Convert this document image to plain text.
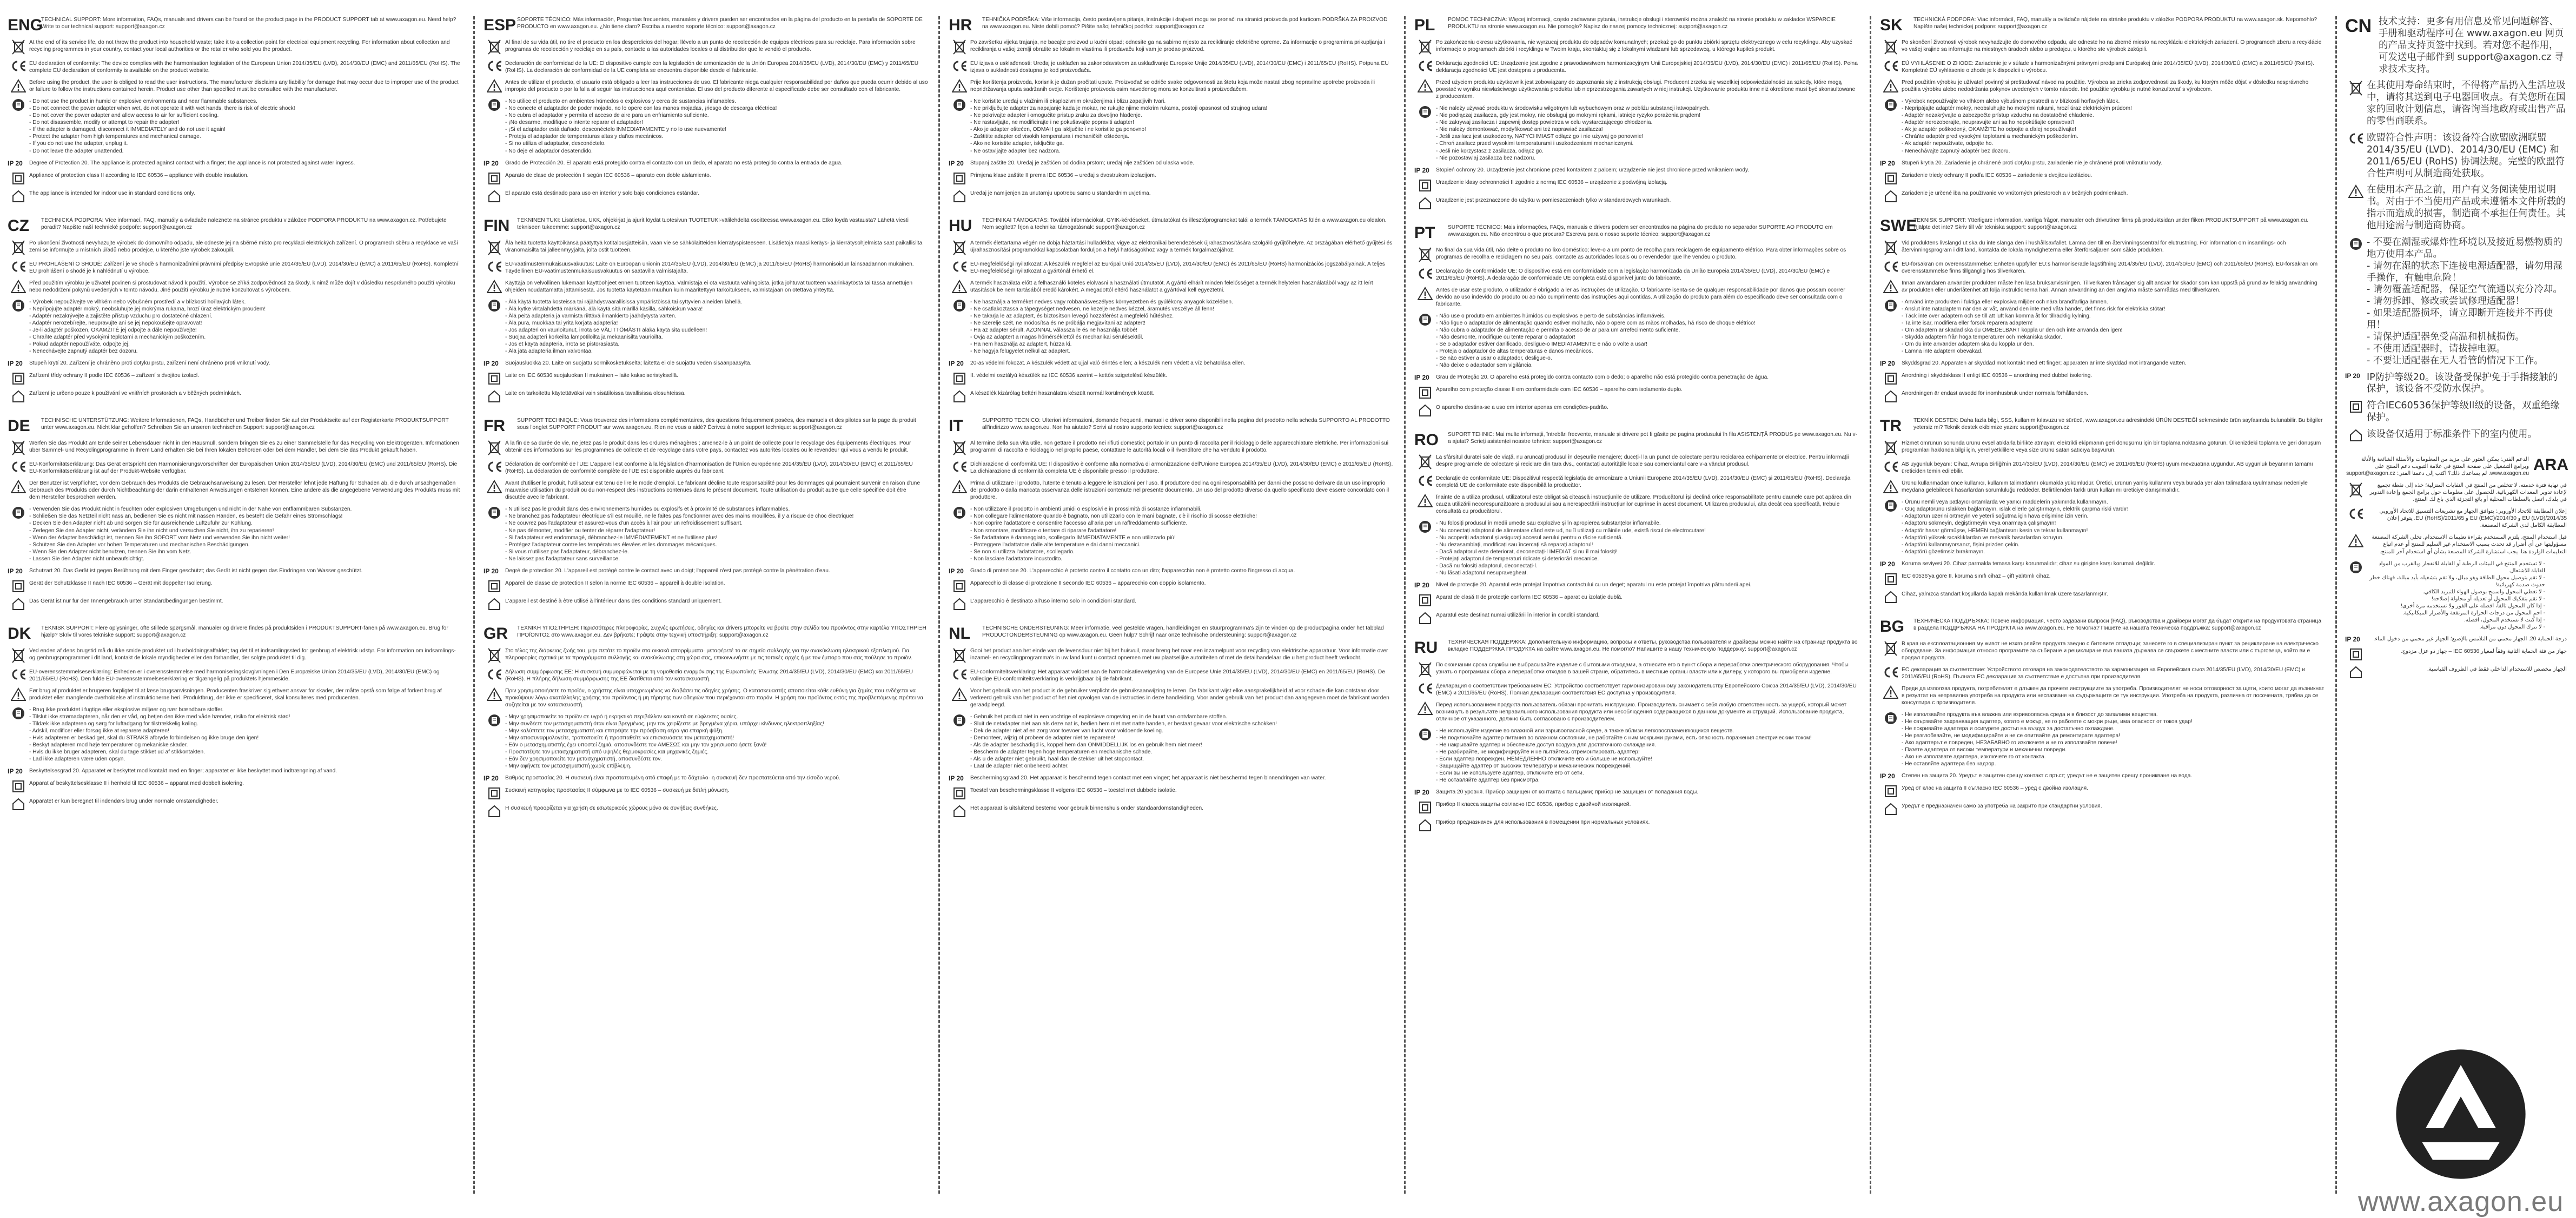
ENG
TECHNICAL SUPPORT: More information, FAQs, manuals and drivers can be found on the product page in the PRODUCT SUPPORT tab at www.axagon.eu. Need help? Write to our technical support: support@axagon.cz
At the end of its service life, do not throw the product into household waste; take it to a collection point for electrical equipment recycling. For information about collection and recycling programmes in your country, contact your local authorities or the retailer who sold you the product.
EU declaration of conformity: The device complies with the harmonisation legislation of the European Union 2014/35/EU (LVD), 2014/30/EU (EMC) and 2011/65/EU (RoHS). The complete EU declaration of conformity is available on the product website.
Before using the product, the user is obliged to read the user instructions. The manufacturer disclaims any liability for damage that may occur due to improper use of the product or failure to follow the instructions contained herein. Product use other than specified must be consulted with the manufacturer.
- Do not use the product in humid or explosive environments and near flammable substances.
- Do not connect the power adapter when wet, do not operate it with wet hands, there is risk of electric shock!
- Do not cover the power adapter and allow access to air for sufficient cooling.
- Do not disassemble, modify or attempt to repair the adapter!
- If the adapter is damaged, disconnect it IMMEDIATELY and do not use it again!
- Protect the adapter from high temperatures and mechanical damage.
- If you do not use the adapter, unplug it.
- Do not leave the adapter unattended.
IP 20	Degree of Protection 20. The appliance is protected against contact with a finger; the appliance is not protected against water ingress.
Appliance of protection class II according to IEC 60536 – appliance with double insulation.
The appliance is intended for indoor use in standard conditions only.
CZ	TECHNICKÁ PODPORA: Více informací, FAQ, manuály a ovladače naleznete na stránce produktu v záložce PODPORA PRODUKTU na www.axagon.cz. Potřebujete poradit? Napište naší technické podpoře: support@axagon.cz
Po ukončení životnosti nevyhazujte výrobek do domovního odpadu, ale odneste jej na sběrné místo pro recyklaci elektrických zařízení. O programech sběru a recyklace ve vaší zemi se informujte u místních úřadů nebo prodejce, u kterého jste výrobek zakoupili.
EU PROHLÁŠENÍ O SHODĚ: Zařízení je ve shodě s harmonizačními právními předpisy Evropské unie 2014/35/EU (LVD), 2014/30/EU (EMC) a 2011/65/EU (RoHS). Kompletní EU prohlášení o shodě je k nahlédnutí u výrobce.
Před použitím výrobku je uživatel povinen si prostudovat návod k použití. Výrobce se zříká zodpovědnosti za škody, k nimž může dojít v důsledku nesprávného použití výrobku nebo nedodržení pokynů uvedených v tomto návodu. Jiné použití výrobku je nutné konzultovat s výrobcem.
- Výrobek nepoužívejte ve vlhkém nebo výbušném prostředí a v blízkosti hořlavých látek.
- Nepřipojujte adaptér mokrý, neobsluhujte jej mokrýma rukama, hrozí úraz elektrickým proudem!
- Adaptér nezakrývejte a zajistěte přístup vzduchu pro dostatečné chlazení.
- Adaptér nerozebírejte, neupravujte ani se jej nepokoušejte opravovat!
- Je-li adaptér poškozen, OKAMŽITĚ jej odpojte a dále nepoužívejte!
- Chraňte adaptér před vysokými teplotami a mechanickým poškozením.
- Pokud adaptér nepoužíváte, odpojte jej.
- Nenechávejte zapnutý adaptér bez dozoru.
IP 20	Stupeň krytí 20. Zařízení je chráněno proti dotyku prstu, zařízení není chráněno proti vniknutí vody.
Zařízení třídy ochrany II podle IEC 60536 – zařízení s dvojitou izolací.
Zařízení je určeno pouze k používání ve vnitřních prostorách a v běžných podmínkách.
DE	TECHNISCHE UNTERSTÜTZUNG: Weitere Informationen, FAQs, Handbücher und Treiber finden Sie auf der Produktseite auf der Registerkarte PRODUKTSUPPORT unter www.axagon.eu. Nicht klar geholfen? Schreiben Sie an unseren technischen Support: support@axagon.cz
Werfen Sie das Produkt am Ende seiner Lebensdauer nicht in den Hausmüll, sondern bringen Sie es zu einer Sammelstelle für das Recycling von Elektrogeräten. Informationen über Sammel- und Recyclingprogramme in Ihrem Land erhalten Sie bei Ihren lokalen Behörden oder bei dem Händler, bei dem Sie das Produkt gekauft haben.
EU-Konformitätserklärung: Das Gerät entspricht den Harmonisierungsvorschriften der Europäischen Union 2014/35/EU (LVD), 2014/30/EU (EMC) und 2011/65/EU (RoHS). Die EU-Konformitätserklärung ist auf der Produkt-Website verfügbar.
Der Benutzer ist verpflichtet, vor dem Gebrauch des Produkts die Gebrauchsanweisung zu lesen. Der Hersteller lehnt jede Haftung für Schäden ab, die durch unsachgemäßen Gebrauch des Produkts oder durch Nichtbeachtung der darin enthaltenen Anweisungen entstehen können. Eine andere als die angegebene Verwendung des Produkts muss mit dem Hersteller besprochen werden.
- Verwenden Sie das Produkt nicht in feuchten oder explosiven Umgebungen und nicht in der Nähe von entflammbaren Substanzen.
- Schließen Sie das Netzteil nicht nass an, bedienen Sie es nicht mit nassen Händen, es besteht die Gefahr eines Stromschlags!
- Decken Sie den Adapter nicht ab und sorgen Sie für ausreichende Luftzufuhr zur Kühlung.
- Zerlegen Sie den Adapter nicht, verändern Sie ihn nicht und versuchen Sie nicht, ihn zu reparieren!
- Wenn der Adapter beschädigt ist, trennen Sie ihn SOFORT vom Netz und verwenden Sie ihn nicht weiter!
- Schützen Sie den Adapter vor hohen Temperaturen und mechanischen Beschädigungen.
- Wenn Sie den Adapter nicht benutzen, trennen Sie ihn vom Netz.
- Lassen Sie den Adapter nicht unbeaufsichtigt.
IP 20	Schutzart 20. Das Gerät ist gegen Berührung mit dem Finger geschützt; das Gerät ist nicht gegen das Eindringen von Wasser geschützt.
Gerät der Schutzklasse II nach IEC 60536 – Gerät mit doppelter Isolierung.
Das Gerät ist nur für den Innengebrauch unter Standardbedingungen bestimmt.
DK	TEKNISK SUPPORT: Flere oplysninger, ofte stillede spørgsmål, manualer og drivere findes på produktsiden i PRODUKTSUPPORT-fanen på www.axagon.eu. Brug for hjælp? Skriv til vores tekniske support: support@axagon.cz
Ved enden af dens brugstid må du ikke smide produktet ud i husholdningsaffaldet; tag det til et indsamlingssted for genbrug af elektrisk udstyr. For information om indsamlings- og genbrugsprogrammer i dit land, kontakt de lokale myndigheder eller den forhandler, der solgte produktet til dig.
EU-overensstemmelseserklæring: Enheden er i overensstemmelse med harmoniseringslovgivningen i Den Europæiske Union 2014/35/EU (LVD), 2014/30/EU (EMC) og 2011/65/EU (RoHS). Den fulde EU-overensstemmelseserklæring er tilgængelig på produktets hjemmeside.
Før brug af produktet er brugeren forpligtet til at læse brugsanvisningen. Producenten fraskriver sig ethvert ansvar for skader, der måtte opstå som følge af forkert brug af produktet eller manglende overholdelse af instruktionerne heri. Produktbrug, der ikke er specificeret, skal konsulteres med producenten.
- Brug ikke produktet i fugtige eller eksplosive miljøer og nær brændbare stoffer.
- Tilslut ikke strømadapteren, når den er våd, og betjen den ikke med våde hænder, risiko for elektrisk stød!
- Tildæk ikke adapteren og sørg for luftadgang for tilstrækkelig køling.
- Adskil, modificer eller forsøg ikke at reparere adapteren!
- Hvis adapteren er beskadiget, skal du STRAKS afbryde forbindelsen og ikke bruge den igen!
- Beskyt adapteren mod høje temperaturer og mekaniske skader.
- Hvis du ikke bruger adapteren, skal du tage stikket ud af stikkontakten.
- Lad ikke adapteren være uden opsyn.
IP 20	Beskyttelsesgrad 20. Apparatet er beskyttet mod kontakt med en finger; apparatet er ikke beskyttet mod indtrængning af vand.
Apparat af beskyttelsesklasse II i henhold til IEC 60536 – apparat med dobbelt isolering.
Apparatet er kun beregnet til indendørs brug under normale omstændigheder.
ESP SOPORTE TÉCNICO: Más información, Preguntas frecuentes, manuales y drivers pueden ser encontrados en la página del producto en la pestaña de SOPORTE DE PRODUCTO en www.axagon.eu. ¿No tiene claro? Escriba a nuestro soporte técnico: support@axagon.cz
Al final de su vida útil, no tire el producto en los desperdicios del hogar; llévelo a un punto de recolección de equipos eléctricos para su reciclaje. Para información sobre programas de recolección y reciclaje en su país, contacte a las autoridades locales o al distribuidor que le vendió el producto.
Declaración de conformidad de la UE: El dispositivo cumple con la legislación de armonización de la Unión Europea 2014/35/EU (LVD), 2014/30/EU (EMC) y 2011/65/EU (RoHS). La declaración de conformidad de la UE completa se encuentra disponible desde el fabricante.
Antes de utilizar el producto, el usuario está obligado a leer las instrucciones de uso. El fabricante niega cualquier responsabilidad por daños que pueda ocurrir debido al uso impropio del producto o por la falla al seguir las instrucciones aquí contenidas. El uso del producto diferente al especificado debe ser consultado con el fabricante.
- No utilice el producto en ambientes húmedos o explosivos y cerca de sustancias inflamables.
- No conecte el adaptador de poder mojado, no lo opere con las manos mojadas, ¡riesgo de descarga eléctrica!
- No cubra el adaptador y permita el acceso de aire para un enfriamiento suficiente.
- ¡No desarme, modifique o intente reparar el adaptador!
- ¡Si el adaptador está dañado, desconéctelo INMEDIATAMENTE y no lo use nuevamente!
- Proteja el adaptador de temperaturas altas y daños mecánicos.
- Si no utiliza el adaptador, desconéctelo.
- No deje el adaptador desatendido.
IP 20	Grado de Protección 20. El aparato está protegido contra el contacto con un dedo, el aparato no está protegido contra la entrada de agua.
Aparato de clase de protección II según IEC 60536 – aparato con doble aislamiento.
El aparato está destinado para uso en interior y solo bajo condiciones estándar.
FIN	TEKNINEN TUKI: Lisätietoa, UKK, ohjekirjat ja ajurit löydät tuotesivun TUOTETUKI-välilehdeltä osoitteessa www.axagon.eu. Etkö löydä vastausta? Lähetä viesti tekniseen tukeemme: support@axagon.cz
Älä heitä tuotetta käyttöikänsä päätyttyä kotitalousjätteisiin, vaan vie se sähkölaitteiden kierrätyspisteeseen. Lisätietoja maasi keräys- ja kierrätysohjelmista saat paikallisilta viranomaisilta tai jälleenmyyjältä, jolta ostit tuotteen.
EU-vaatimustenmukaisuusvakuutus: Laite on Euroopan unionin 2014/35/EU (LVD), 2014/30/EU (EMC) ja 2011/65/EU (RoHS) harmonisoidun lainsäädännön mukainen. Täydellinen EU-vaatimustenmukaisuusvakuutus on saatavilla valmistajalta.
Käyttäjä on velvollinen lukemaan käyttöohjeet ennen tuotteen käyttöä. Valmistaja ei ota vastuuta vahingoista, jotka johtuvat tuotteen väärinkäytöstä tai tässä annettujen ohjeiden noudattamatta jättämisestä. Jos tuotetta käytetään muuhun kuin määritettyyn tarkoitukseen, valmistajaan on otettava yhteyttä.
- Älä käytä tuotetta kosteissa tai räjähdysvaarallisissa ympäristöissä tai syttyvien aineiden lähellä.
- Älä kytke virtalähdettä märkänä, älä käytä sitä märillä käsillä, sähköiskun vaara!
- Älä peitä adapteria ja varmista riittävä ilmankierto jäähdytystä varten.
- Älä pura, muokkaa tai yritä korjata adapteria!
- Jos adapteri on vaurioitunut, irrota se VÄLITTÖMÄSTI äläkä käytä sitä uudelleen!
- Suojaa adapteri korkeilta lämpötiloilta ja mekaanisilta vaurioilta.
- Jos et käytä adapteria, irrota se pistorasiasta.
- Älä jätä adapteria ilman valvontaa.
IP 20	Suojausluokka 20. Laite on suojattu sormikosketukselta; laitetta ei ole suojattu veden sisäänpääsyltä.
Laite on IEC 60536 suojaluokan II mukainen – laite kaksoiseristyksellä.
Laite on tarkoitettu käytettäväksi vain sisätiloissa tavallisissa olosuhteissa.
FR	SUPPORT TECHNIQUE: Vous trouverez des informations complémentaires, des questions fréquemment posées, des manuels et des pilotes sur la page du produit sous l'onglet SUPPORT PRODUIT sur www.axagon.eu. Rien ne vous a aidé? Écrivez à notre support technique: support@axagon.cz
À la fin de sa durée de vie, ne jetez pas le produit dans les ordures ménagères ; amenez-le à un point de collecte pour le recyclage des équipements électriques. Pour obtenir des informations sur les programmes de collecte et de recyclage dans votre pays, contactez vos autorités locales ou le revendeur qui vous a vendu le produit.
Déclaration de conformité de l'UE: L'appareil est conforme à la législation d'harmonisation de l'Union européenne 2014/35/EU (LVD), 2014/30/EU (EMC) et 2011/65/EU (RoHS). La déclaration de conformité complète de l'UE est disponible auprès du fabricant.
Avant d'utiliser le produit, l'utilisateur est tenu de lire le mode d'emploi. Le fabricant décline toute responsabilité pour les dommages qui pourraient survenir en raison d'une mauvaise utilisation du produit ou du non-respect des instructions contenues dans le présent document. Toute utilisation du produit autre que celle spécifiée doit être discutée avec le fabricant.
- N'utilisez pas le produit dans des environnements humides ou explosifs et à proximité de substances inflammables.
- Ne branchez pas l'adaptateur électrique s'il est mouillé, ne le faites pas fonctionner avec des mains mouillées, il y a risque de choc électrique!
- Ne couvrez pas l'adaptateur et assurez-vous d'un accès à l'air pour un refroidissement suffisant.
- Ne pas démonter, modifier ou tenter de réparer l'adaptateur!
- Si l'adaptateur est endommagé, débranchez-le IMMÉDIATEMENT et ne l'utilisez plus!
- Protégez l'adaptateur contre les températures élevées et les dommages mécaniques.
- Si vous n'utilisez pas l'adaptateur, débranchez-le.
- Ne laissez pas l'adaptateur sans surveillance.
IP 20	Degré de protection 20. L'appareil est protégé contre le contact avec un doigt; l'appareil n'est pas protégé contre la pénétration d'eau.
Appareil de classe de protection II selon la norme IEC 60536 – appareil à double isolation.
L'appareil est destiné à être utilisé à l'intérieur dans des conditions standard uniquement.
GR	ΤΕΧΝΙΚΗ ΥΠΟΣΤΗΡΙΞΗ: Περισσότερες πληροφορίες, Συχνές ερωτήσεις, οδηγίες και drivers μπορείτε να βρείτε στην σελίδα του προϊόντος στην καρτέλα ΥΠΟΣΤΗΡΙΞΗ ΠΡΟΪΟΝΤΟΣ στο www.axagon.eu. Δεν βρήκατε; Γράψτε στην τεχνική υποστήριξη: support@axagon.cz
Στο τέλος της διάρκειας ζωής του, μην πετάτε το προϊόν στα οικιακά απορρίμματα· μεταφέρετέ το σε σημείο συλλογής για την ανακύκλωση ηλεκτρικού εξοπλισμού. Για πληροφορίες σχετικά με τα προγράμματα συλλογής και ανακύκλωσης στη χώρα σας, επικοινωνήστε με τις τοπικές αρχές ή με τον έμπορο που σας πούλησε το προϊόν.
Δήλωση συμμόρφωσης ΕΕ: Η συσκευή συμμορφώνεται με τη νομοθεσία εναρμόνισης της Ευρωπαϊκής Ένωσης 2014/35/EU (LVD), 2014/30/EU (EMC) και 2011/65/EU (RoHS). Η πλήρης δήλωση συμμόρφωσης της ΕΕ διατίθεται από τον κατασκευαστή.
Πριν χρησιμοποιήσετε το προϊόν, ο χρήστης είναι υποχρεωμένος να διαβάσει τις οδηγίες χρήσης. Ο κατασκευαστής αποποιείται κάθε ευθύνη για ζημίες που ενδέχεται να προκύψουν λόγω ακατάλληλης χρήσης του προϊόντος ή μη τήρησης των οδηγιών που περιέχονται στο παρόν. Η χρήση του προϊόντος εκτός της προβλεπόμενης πρέπει να συζητείται με τον κατασκευαστή.
- Μην χρησιμοποιείτε το προϊόν σε υγρό ή εκρηκτικό περιβάλλον και κοντά σε εύφλεκτες ουσίες.
- Μην συνδέετε τον μετασχηματιστή όταν είναι βρεγμένος, μην τον χειρίζεστε με βρεγμένα χέρια, υπάρχει κίνδυνος ηλεκτροπληξίας!
- Μην καλύπτετε τον μετασχηματιστή και επιτρέψτε την πρόσβαση αέρα για επαρκή ψύξη.
- Μην αποσυναρμολογείτε, τροποποιείτε ή προσπαθείτε να επισκευάσετε τον μετασχηματιστή!
- Εάν ο μετασχηματιστής έχει υποστεί ζημιά, αποσυνδέστε τον ΑΜΕΣΩΣ και μην τον χρησιμοποιήσετε ξανά!
- Προστατέψτε τον μετασχηματιστή από υψηλές θερμοκρασίες και μηχανικές ζημιές.
- Εάν δεν χρησιμοποιείτε τον μετασχηματιστή, αποσυνδέστε τον.
- Μην αφήνετε τον μετασχηματιστή χωρίς επίβλεψη.
IP 20	Βαθμός προστασίας 20. Η συσκευή είναι προστατευμένη από επαφή με το δάχτυλο· η συσκευή δεν προστατεύεται από την είσοδο νερού.
Συσκευή κατηγορίας προστασίας II σύμφωνα με το IEC 60536 – συσκευή με διπλή μόνωση.
Η συσκευή προορίζεται για χρήση σε εσωτερικούς χώρους μόνο σε συνήθεις συνθήκες.
HR	TEHNIČKA PODRŠKA: Više informacija, često postavljena pitanja, instrukcije i drajveri mogu se pronaći na stranici proizvoda pod karticom PODRŠKA ZA PROIZVOD na www.axagon.eu. Niste dobili pomoć? Pišite našoj tehničkoj podršci: support@axagon.cz
Po završetku vijeka trajanja, ne bacajte proizvod u kućni otpad; odnesite ga na sabirno mjesto za recikliranje električne opreme. Za informacije o programima prikupljanja i recikliranja u vašoj zemlji obratite se lokalnim vlastima ili prodavaču koji vam je prodao proizvod.
EU izjava o usklađenosti: Uređaj je usklađen sa zakonodavstvom za usklađivanje Europske Unije 2014/35/EU (LVD), 2014/30/EU (EMC) i 2011/65/EU (RoHS). Potpuna EU izjava o sukladnosti dostupna je kod proizvođača.
Prije korištenja proizvoda, korisnik je dužan pročitati upute. Proizvođač se odriče svake odgovornosti za štetu koja može nastati zbog nepravilne upotrebe proizvoda ili nepridržavanja uputa sadržanih ovdje. Korištenje proizvoda osim navedenog mora se konzultirati s proizvođačem.
- Ne koristite uređaj u vlažnim ili eksplozivnim okruženjima i blizu zapaljivih tvari.
- Ne priključujte adapter za napajanje kada je mokar, ne rukujte njime mokrim rukama, postoji opasnost od strujnog udara!
- Ne pokrivajte adapter i omogućite pristup zraku za dovoljno hlađenje.
- Ne rastavljajte, ne modificirajte i ne pokušavajte popraviti adapter!
- Ako je adapter oštećen, ODMAH ga isključite i ne koristite ga ponovno!
- Zaštitite adapter od visokih temperatura i mehaničkih oštećenja.
- Ako ne koristite adapter, isključite ga.
- Ne ostavljajte adapter bez nadzora.
IP 20	Stupanj zaštite 20. Uređaj je zaštićen od dodira prstom; uređaj nije zaštićen od ulaska vode.
Primjena klase zaštite II prema IEC 60536 – uređaj s dvostrukom izolacijom.
Uređaj je namijenjen za unutarnju upotrebu samo u standardnim uvjetima.
HU	TECHNIKAI TÁMOGATÁS: További információkat, GYIK-kérdéseket, útmutatókat és illesztőprogramokat talál a termék TÁMOGATÁS fülén a www.axagon.eu oldalon. Nem segített? Írjon a technikai támogatásnak: support@axagon.cz
A termék élettartama végén ne dobja háztartási hulladékba; vigye az elektronikai berendezések újrahasznosítására szolgáló gyűjtőhelyre. Az országában elérhető gyűjtési és újrahasznosítási programokkal kapcsolatban forduljon a helyi hatóságokhoz vagy a termék forgalmazójához.
EU-megfelelőségi nyilatkozat: A készülék megfelel az Európai Unió 2014/35/EU (LVD), 2014/30/EU (EMC) és 2011/65/EU (RoHS) harmonizációs jogszabályainak. A teljes EU-megfelelőségi nyilatkozat a gyártónál érhető el.
A termék használata előtt a felhasználó köteles elolvasni a használati útmutatót. A gyártó elhárít minden felelősséget a termék helytelen használatából vagy az itt leírt utasítások be nem tartásából eredő károkért. A megadottól eltérő használatot a gyártóval kell egyeztetni.
- Ne használja a terméket nedves vagy robbanásveszélyes környezetben és gyúlékony anyagok közelében.
- Ne csatlakoztassa a tápegységet nedvesen, ne kezelje nedves kézzel, áramütés veszélye áll fenn!
- Ne takarja le az adaptert, és biztosítson levegő hozzáférést a megfelelő hűtéshez.
- Ne szerelje szét, ne módosítsa és ne próbálja megjavítani az adaptert!
- Ha az adapter sérült, AZONNAL válassza le és ne használja többé!
- Óvja az adaptert a magas hőmérséklettől és mechanikai sérülésektől.
- Ha nem használja az adaptert, húzza ki.
- Ne hagyja felügyelet nélkül az adaptert.
IP 20	20-as védelmi fokozat. A készülék védett az ujjal való érintés ellen; a készülék nem védett a víz behatolása ellen.
II. védelmi osztályú készülék az IEC 60536 szerint – kettős szigetelésű készülék.
A készülék kizárólag beltéri használatra készült normál körülmények között.
IT	SUPPORTO TECNICO: Ulteriori informazioni, domande frequenti, manuali e driver sono disponibili nella pagina del prodotto nella scheda SUPPORTO AL PRODOTTO all'indirizzo www.axagon.eu. Non ha aiutato? Scrivi al nostro supporto tecnico: support@axagon.cz
Al termine della sua vita utile, non gettare il prodotto nei rifiuti domestici; portalo in un punto di raccolta per il riciclaggio delle apparecchiature elettriche. Per informazioni sui programmi di raccolta e riciclaggio nel proprio paese, contattare le autorità locali o il rivenditore che ha venduto il prodotto.
Dichiarazione di conformità UE: Il dispositivo è conforme alla normativa di armonizzazione dell'Unione Europea 2014/35/EU (LVD), 2014/30/EU (EMC) e 2011/65/EU (RoHS). La dichiarazione di conformità completa UE è disponibile presso il produttore.
Prima di utilizzare il prodotto, l'utente è tenuto a leggere le istruzioni per l'uso. Il produttore declina ogni responsabilità per danni che possono derivare da un uso improprio del prodotto o dalla mancata osservanza delle istruzioni contenute nel presente documento. Un uso del prodotto diverso da quello specificato deve essere concordato con il produttore.
- Non utilizzare il prodotto in ambienti umidi o esplosivi e in prossimità di sostanze infiammabili.
- Non collegare l'alimentatore quando è bagnato, non utilizzarlo con le mani bagnate, c'è il rischio di scosse elettriche!
- Non coprire l'adattatore e consentire l'accesso all'aria per un raffreddamento sufficiente.
- Non smontare, modificare o tentare di riparare l'adattatore!
- Se l'adattatore è danneggiato, scollegarlo IMMEDIATAMENTE e non utilizzarlo più!
- Proteggere l'adattatore dalle alte temperature e dai danni meccanici.
- Se non si utilizza l'adattatore, scollegarlo.
- Non lasciare l'adattatore incustodito.
IP 20	Grado di protezione 20. L'apparecchio è protetto contro il contatto con un dito; l'apparecchio non è protetto contro l'ingresso di acqua.
Apparecchio di classe di protezione II secondo IEC 60536 – apparecchio con doppio isolamento.
L'apparecchio è destinato all'uso interno solo in condizioni standard.
NL	TECHNISCHE ONDERSTEUNING: Meer informatie, veel gestelde vragen, handleidingen en stuurprogramma's zijn te vinden op de productpagina onder het tabblad PRODUCTONDERSTEUNING op www.axagon.eu. Geen hulp? Schrijf naar onze technische ondersteuning: support@axagon.cz
Gooi het product aan het einde van de levensduur niet bij het huisvuil, maar breng het naar een inzamelpunt voor recycling van elektrische apparatuur. Voor informatie over inzamel- en recyclingprogramma's in uw land kunt u contact opnemen met uw plaatselijke autoriteiten of met de detailhandelaar die u het product heeft verkocht.
EU-conformiteitsverklaring: Het apparaat voldoet aan de harmonisatiewetgeving van de Europese Unie 2014/35/EU (LVD), 2014/30/EU (EMC) en 2011/65/EU (RoHS). De volledige EU-conformiteitsverklaring is verkrijgbaar bij de fabrikant.
Voor het gebruik van het product is de gebruiker verplicht de gebruiksaanwijzing te lezen. De fabrikant wijst elke aansprakelijkheid af voor schade die kan ontstaan door verkeerd gebruik van het product of het niet opvolgen van de instructies in deze handleiding. Voor ander gebruik van het product dan aangegeven moet de fabrikant worden geraadpleegd.
- Gebruik het product niet in een vochtige of explosieve omgeving en in de buurt van ontvlambare stoffen.
- Sluit de netadapter niet aan als deze nat is, bedien hem niet met natte handen, er bestaat gevaar voor elektrische schokken!
- Dek de adapter niet af en zorg voor toevoer van lucht voor voldoende koeling.
- Demonteer, wijzig of probeer de adapter niet te repareren!
- Als de adapter beschadigd is, koppel hem dan ONMIDDELLIJK los en gebruik hem niet meer!
- Bescherm de adapter tegen hoge temperaturen en mechanische schade.
- Als u de adapter niet gebruikt, haal dan de stekker uit het stopcontact.
- Laat de adapter niet onbeheerd achter.
IP 20	Beschermingsgraad 20. Het apparaat is beschermd tegen contact met een vinger; het apparaat is niet beschermd tegen binnendringen van water.
Toestel van beschermingsklasse II volgens IEC 60536 – toestel met dubbele isolatie.
Het apparaat is uitsluitend bestemd voor gebruik binnenshuis onder standaardomstandigheden.
PL	POMOC TECHNICZNA: Więcej informacji, często zadawane pytania, instrukcje obsługi i sterowniki można znaleźć na stronie produktu w zakładce WSPARCIE PRODUKTU na stronie www.axagon.eu. Nie pomogło? Napisz do naszej pomocy technicznej: support@axagon.cz
Po zakończeniu okresu użytkowania, nie wyrzucaj produktu do odpadów komunalnych; przekaż go do punktu zbiórki sprzętu elektrycznego w celu recyklingu. Aby uzyskać informacje o programach zbiórki i recyklingu w Twoim kraju, skontaktuj się z lokalnymi władzami lub sprzedawcą, u którego kupiłeś produkt.
Deklaracja zgodności UE: Urządzenie jest zgodne z prawodawstwem harmonizacyjnym Unii Europejskiej 2014/35/EU (LVD), 2014/30/EU (EMC) i 2011/65/EU (RoHS). Pełna deklaracja zgodności UE jest dostępna u producenta.
Przed użyciem produktu użytkownik jest zobowiązany do zapoznania się z instrukcją obsługi. Producent zrzeka się wszelkiej odpowiedzialności za szkody, które mogą powstać w wyniku niewłaściwego użytkowania produktu lub nieprzestrzegania zawartych w niej instrukcji. Użytkowanie produktu inne niż określone musi być skonsultowane z producentem.
- Nie należy używać produktu w środowisku wilgotnym lub wybuchowym oraz w pobliżu substancji łatwopalnych.
- Nie podłączaj zasilacza, gdy jest mokry, nie obsługuj go mokrymi rękami, istnieje ryzyko porażenia prądem!
- Nie zakrywaj zasilacza i zapewnij dostęp powietrza w celu wystarczającego chłodzenia.
- Nie należy demontować, modyfikować ani też naprawiać zasilacza!
- Jeśli zasilacz jest uszkodzony, NATYCHMIAST odłącz go i nie używaj go ponownie!
- Chroń zasilacz przed wysokimi temperaturami i uszkodzeniami mechanicznymi.
- Jeśli nie korzystasz z zasilacza, odłącz go.
- Nie pozostawiaj zasilacza bez nadzoru.
IP 20	Stopień ochrony 20. Urządzenie jest chronione przed kontaktem z palcem; urządzenie nie jest chronione przed wnikaniem wody.
Urządzenie klasy ochronności II zgodnie z normą IEC 60536 – urządzenie z podwójną izolacją.
Urządzenie jest przeznaczone do użytku w pomieszczeniach tylko w standardowych warunkach.
PT	SUPORTE TÉCNICO: Mais informações, FAQs, manuais e drivers podem ser encontrados na página do produto no separador SUPORTE AO PRODUTO em www.axagon.eu. Não encontrou o que procura? Escreva para o nosso suporte técnico: support@axagon.cz
No final da sua vida útil, não deite o produto no lixo doméstico; leve-o a um ponto de recolha para reciclagem de equipamento elétrico. Para obter informações sobre os programas de recolha e reciclagem no seu país, contacte as autoridades locais ou o revendedor que lhe vendeu o produto.
Declaração de conformidade UE: O dispositivo está em conformidade com a legislação harmonizada da União Europeia 2014/35/EU (LVD), 2014/30/EU (EMC) e 2011/65/EU (RoHS). A declaração de conformidade UE completa está disponível junto do fabricante.
Antes de usar este produto, o utilizador é obrigado a ler as instruções de utilização. O fabricante isenta-se de qualquer responsabilidade por danos que possam ocorrer devido ao uso indevido do produto ou ao não cumprimento das instruções aqui contidas. A utilização do produto para além do especificado deve ser consultada com o fabricante.
- Não use o produto em ambientes húmidos ou explosivos e perto de substâncias inflamáveis.
- Não ligue o adaptador de alimentação quando estiver molhado, não o opere com as mãos molhadas, há risco de choque elétrico!
- Não cubra o adaptador de alimentação e permita o acesso de ar para um arrefecimento suficiente.
- Não desmonte, modifique ou tente reparar o adaptador!
- Se o adaptador estiver danificado, desligue-o IMEDIATAMENTE e não o volte a usar!
- Proteja o adaptador de altas temperaturas e danos mecânicos.
- Se não estiver a usar o adaptador, desligue-o.
- Não deixe o adaptador sem vigilância.
IP 20	Grau de Proteção 20. O aparelho está protegido contra contacto com o dedo; o aparelho não está protegido contra penetração de água.
Aparelho com proteção classe II em conformidade com IEC 60536 – aparelho com isolamento duplo.
O aparelho destina-se a uso em interior apenas em condições-padrão.
RO	SUPORT TEHNIC: Mai multe informații, întrebări frecvente, manuale și drivere pot fi găsite pe pagina produsului în fila ASISTENȚĂ PRODUS pe www.axagon.eu. Nu v-a ajutat? Scrieți asistenței noastre tehnice: support@axagon.cz
La sfârșitul duratei sale de viață, nu aruncați produsul în deșeurile menajere; duceți-l la un punct de colectare pentru reciclarea echipamentelor electrice. Pentru informații despre programele de colectare și reciclare din țara dvs., contactați autoritățile locale sau comerciantul care v-a vândut produsul.
Declarație de conformitate UE: Dispozitivul respectă legislația de armonizare a Uniunii Europene 2014/35/EU (LVD), 2014/30/EU (EMC) și 2011/65/EU (RoHS). Declarația completă UE de conformitate este disponibilă la producător.
Înainte de a utiliza produsul, utilizatorul este obligat să citească instrucțiunile de utilizare. Producătorul își declină orice responsabilitate pentru daunele care pot apărea din cauza utilizării necorespunzătoare a produsului sau a nerespectării instrucțiunilor cuprinse în acest document. Utilizarea produsului, alta decât cea specificată, trebuie consultată cu producătorul.
- Nu folosiți produsul în medii umede sau explozive și în apropierea substanțelor inflamabile.
- Nu conectați adaptorul de alimentare când este ud, nu îl utilizați cu mâinile ude, există riscul de electrocutare!
- Nu acoperiți adaptorul și asigurați accesul aerului pentru o răcire suficientă.
- Nu dezasamblați, modificați sau încercați să reparați adaptorul!
- Dacă adaptorul este deteriorat, deconectați-l IMEDIAT și nu îl mai folosiți!
- Protejați adaptorul de temperaturi ridicate și deteriorări mecanice.
- Dacă nu folosiți adaptorul, deconectați-l.
- Nu lăsați adaptorul nesupravegheat.
IP 20	Nivel de protecție 20. Aparatul este protejat împotriva contactului cu un deget; aparatul nu este protejat împotriva pătrunderii apei.
Aparat de clasă II de protecție conform IEC 60536 – aparat cu izolație dublă.
Aparatul este destinat numai utilizării în interior în condiții standard.
RU	ТЕХНИЧЕСКАЯ ПОДДЕРЖКА: Дополнительную информацию, вопросы и ответы, руководства пользователя и драйверы можно найти на странице продукта во вкладке ПОДДЕРЖКА ПРОДУКТА на сайте www.axagon.eu. Не помогло? Напишите в нашу техническую поддержку: support@axagon.cz
По окончании срока службы не выбрасывайте изделие с бытовыми отходами, а отнесите его в пункт сбора и переработки электрического оборудования. Чтобы узнать о программах сбора и переработки отходов в вашей стране, обратитесь в местные органы власти или к дилеру, у которого вы приобрели изделие.
Декларация о соответствии требованиям ЕС: Устройство соответствует гармонизированному законодательству Европейского Союза 2014/35/EU (LVD), 2014/30/EU (EMC) и 2011/65/EU (RoHS). Полная декларация соответствия ЕС доступна у производителя.
Перед использованием продукта пользователь обязан прочитать инструкцию. Производитель снимает с себя любую ответственность за ущерб, который может возникнуть в результате неправильного использования продукта или несоблюдения содержащихся в данном документе инструкций. Использование продукта, отличное от указанного, должно быть согласовано с производителем.
- Не используйте изделие во влажной или взрывоопасной среде, а также вблизи легковоспламеняющихся веществ.
- Не подключайте адаптер питания во влажном состоянии, не работайте с ним мокрыми руками, есть опасность поражения электрическим током!
- Не накрывайте адаптер и обеспечьте доступ воздуха для достаточного охлаждения.
- Не разбирайте, не модифицируйте и не пытайтесь отремонтировать адаптер!
- Если адаптер поврежден, НЕМЕДЛЕННО отключите его и больше не используйте!
- Защищайте адаптер от высоких температур и механических повреждений.
- Если вы не используете адаптер, отключите его от сети.
- Не оставляйте адаптер без присмотра.
IP 20	Защита 20 уровня. Прибор защищен от контакта с пальцами; прибор не защищен от попадания воды.
Прибор II класса защиты согласно IEC 60536, прибор с двойной изоляцией.
Прибор предназначен для использования в помещении при нормальных условиях.
SK	TECHNICKÁ PODPORA: Viac informácií, FAQ, manuály a ovládače nájdete na stránke produktu v záložke PODPORA PRODUKTU na www.axagon.sk. Nepomohlo? Napíšte našej technickej podpore: support@axagon.cz
Po skončení životnosti výrobok nevyhadzujte do domového odpadu, ale odneste ho na zberné miesto na recykláciu elektrických zariadení. O programoch zberu a recyklácie vo vašej krajine sa informujte na miestnych úradoch alebo u predajcu, u ktorého ste výrobok zakúpili.
EÚ VYHLÁSENIE O ZHODE: Zariadenie je v súlade s harmonizačnými právnymi predpismi Európskej únie 2014/35/EÚ (LVD), 2014/30/EÚ (EMC) a 2011/65/EÚ (RoHS). Kompletné EÚ vyhlásenie o zhode je k dispozícii u výrobcu.
Pred použitím výrobku je užívateľ povinný si preštudovať návod na použitie. Výrobca sa zrieka zodpovednosti za škody, ku ktorým môže dôjsť v dôsledku nesprávneho použitia výrobku alebo nedodržania pokynov uvedených v tomto návode. Iné použitie výrobku je nutné konzultovať s výrobcom.
- Výrobok nepoužívajte vo vlhkom alebo výbušnom prostredí a v blízkosti horľavých látok.
- Nepripájajte adaptér mokrý, neobsluhujte ho mokrými rukami, hrozí úraz elektrickým prúdom!
- Adaptér nezakrývajte a zabezpečte prístup vzduchu na dostatočné chladenie.
- Adaptér nerozoberajte, neupravujte ani sa ho nepokúšajte opravovať!
- Ak je adaptér poškodený, OKAMŽITE ho odpojte a ďalej nepoužívajte!
- Chráňte adaptér pred vysokými teplotami a mechanickým poškodením.
- Ak adaptér nepoužívate, odpojte ho.
- Nenechávajte zapnutý adaptér bez dozoru.
IP 20	Stupeň krytia 20. Zariadenie je chránené proti dotyku prstu, zariadenie nie je chránené proti vniknutiu vody.
Zariadenie triedy ochrany II podľa IEC 60536 – zariadenie s dvojitou izoláciou.
Zariadenie je určené iba na používanie vo vnútorných priestoroch a v bežných podmienkach.
SWE
TEKNISK SUPPORT: Ytterligare information, vanliga frågor, manualer och drivrutiner finns på produktsidan under fliken PRODUKTSUPPORT på www.axagon.eu. Hjälpte det inte? Skriv till vår tekniska support: support@axagon.cz
Vid produktens livslängd ut ska du inte slänga den i hushållsavfallet. Lämna den till en återvinningscentral för elutrustning. För information om insamlings- och återvinningsprogram i ditt land, kontakta de lokala myndigheterna eller återförsäljaren som sålde produkten.
EU-försäkran om överensstämmelse: Enheten uppfyller EU:s harmoniserade lagstiftning 2014/35/EU (LVD), 2014/30/EU (EMC) och 2011/65/EU (RoHS). EU-försäkran om överensstämmelse finns tillgänglig hos tillverkaren.
Innan användaren använder produkten måste hen läsa bruksanvisningen. Tillverkaren frånsäger sig allt ansvar för skador som kan uppstå på grund av felaktig användning av produkten eller underlåtenhet att följa instruktionerna häri. Annan användning än den angivna måste samrådas med tillverkaren.
- Använd inte produkten i fuktiga eller explosiva miljöer och nära brandfarliga ämnen.
- Anslut inte nätadaptern när den är våt, använd den inte med våta händer, det finns risk för elektriska stötar!
- Täck inte över adaptern och se till att luft kan komma åt för tillräcklig kylning.
- Ta inte isär, modifiera eller försök reparera adaptern!
- Om adaptern är skadad ska du OMEDELBART koppla ur den och inte använda den igen!
- Skydda adaptern från höga temperaturer och mekaniska skador.
- Om du inte använder adaptern ska du koppla ur den.
- Lämna inte adaptern obevakad.
IP 20	Skyddsgrad 20. Apparaten är skyddad mot kontakt med ett finger; apparaten är inte skyddad mot inträngande vatten.
Anordning i skyddsklass II enligt IEC 60536 – anordning med dubbel isolering.
Anordningen är endast avsedd för inomhusbruk under normala förhållanden.
TR	TEKNİK DESTEK: Daha fazla bilgi, SSS, kullanım kılavuzu ve sürücü, www.axagon.eu adresindeki ÜRÜN DESTEĞİ sekmesinde ürün sayfasında bulunabilir. Bu bilgiler yetersiz mi? Teknik destek ekibimize yazın: support@axagon.cz
Hizmet ömrünün sonunda ürünü evsel atıklarla birlikte atmayın; elektrikli ekipmanın geri dönüşümü için bir toplama noktasına götürün. Ülkenizdeki toplama ve geri dönüşüm programları hakkında bilgi için, yerel yetkililere veya size ürünü satan satıcıya başvurun.
AB uygunluk beyanı: Cihaz, Avrupa Birliği'nin 2014/35/EU (LVD), 2014/30/EU (EMC) ve 2011/65/EU (RoHS) uyum mevzuatına uygundur. AB uygunluk beyanının tamamı üreticiden temin edilebilir.
Ürünü kullanmadan önce kullanıcı, kullanım talimatlarını okumakla yükümlüdür. Üretici, ürünün yanlış kullanımı veya burada yer alan talimatlara uyulmaması nedeniyle meydana gelebilecek hasarlardan sorumluluğu reddeder. Belirtilenden farklı ürün kullanımı üreticiye danışılmalıdır.
- Ürünü nemli veya patlayıcı ortamlarda ve yanıcı maddelerin yakınında kullanmayın.
- Güç adaptörünü ıslakken bağlamayın, ıslak ellerle çalıştırmayın, elektrik çarpma riski vardır!
- Adaptörün üzerini örtmeyin ve yeterli soğutma için hava erişimine izin verin.
- Adaptörü sökmeyin, değiştirmeyin veya onarmaya çalışmayın!
- Adaptör hasar görmüşse, HEMEN bağlantısını kesin ve tekrar kullanmayın!
- Adaptörü yüksek sıcaklıklardan ve mekanik hasarlardan koruyun.
- Adaptörü kullanmıyorsanız, fişini prizden çekin.
- Adaptörü gözetimsiz bırakmayın.
IP 20	Koruma seviyesi 20. Cihaz parmakla temasa karşı korunmalıdır; cihaz su girişine karşı korumalı değildir.
IEC 60536'ya göre II. koruma sınıfı cihaz – çift yalıtımlı cihaz.
Cihaz, yalnızca standart koşullarda kapalı mekânda kullanılmak üzere tasarlanmıştır.
BG	ТЕХНИЧЕСКА ПОДДРЪЖКА: Повече информация, често задавани въпроси (FAQ), ръководства и драйвери могат да бъдат открити на продуктовата страница в раздела ПОДДРЪЖКА НА ПРОДУКТА на www.axagon.eu. Не помогна? Пишете на нашата техническа поддръжка: support@axagon.cz
В края на експлоатационния му живот не изхвърляйте продукта заедно с битовите отпадъци; занесете го в специализиран пункт за рециклиране на електрическо оборудване. За информация относно програмите за събиране и рециклиране във вашата държава се свържете с местните власти или с търговеца, който ви е продал продукта.
ЕС декларация за съответствие: Устройството отговаря на законодателството за хармонизация на Европейския съюз 2014/35/EU (LVD), 2014/30/EU (EMC) и 2011/65/EU (RoHS). Пълната ЕС декларация за съответствие е достъпна при производителя.
Преди да използва продукта, потребителят е длъжен да прочете инструкциите за употреба. Производителят не носи отговорност за щети, които могат да възникнат в резултат на неправилна употреба на продукта или неспазване на съдържащите се тук инструкции. Употреба на продукта, различна от посочената, трябва да се консултира с производителя.
- Не използвайте продукта във влажна или взривоопасна среда и в близост до запалими вещества.
- Не свързвайте захранващия адаптер, когато е мокър, не го работете с мокри ръце, има опасност от токов удар!
- Не покривайте адаптера и осигурете достъп на въздух за достатъчно охлаждане.
- Не разглобявайте, не модифицирайте и не се опитвайте да ремонтирате адаптера!
- Ако адаптерът е повреден, НЕЗАБАВНО го изключете и не го използвайте повече!
- Пазете адаптера от високи температури и механични повреди.
- Ако не използвате адаптера, изключете го от контакта.
- Не оставяйте адаптера без надзор.
IP 20	Степен на защита 20. Уредът е защитен срещу контакт с пръст; уредът не е защитен срещу проникване на вода.
Уред от клас на защита II съгласно IEC 60536 – уред с двойна изолация.
Уредът е предназначен само за употреба на закрито при стандартни условия.
CN 技术支持：更多有用信息及常见问题解答、手册和驱动程序可在 www.axagon.eu 网页的产品支持页签中找到。若对您不起作用，可发送电子邮件到 support@axagon.cz 寻求技术支持。
在其使用寿命结束时，不得将产品扔入生活垃圾中，请将其送到电子电器回收点。有关您所在国家的回收计划信息，请咨询当地政府或出售产品的零售商联系。
欧盟符合性声明：该设备符合欧盟欧洲联盟 2014/35/EU (LVD)、2014/30/EU (EMC) 和 2011/65/EU (RoHS) 协调法规。完整的欧盟符合性声明可从制造商处获取。
在使用本产品之前，用户有义务阅读使用说明书。对由于不当使用产品或未遵循本文件所载的指示而造成的损害，制造商不承担任何责任。其他用途需与制造商协商。
- 不要在潮湿或爆炸性环境以及接近易燃物质的地方使用本产品。
- 请勿在湿的状态下连接电源适配器，请勿用湿手操作，有触电危险！
- 请勿覆盖适配器，保证空气流通以充分冷却。
- 请勿拆卸、修改或尝试修理适配器！
- 如果适配器损坏，请立即断开连接并不再使用！
- 请保护适配器免受高温和机械损伤。
- 不使用适配器时，请拔掉电源。
- 不要让适配器在无人看管的情况下工作。
IP 20 IP防护等级20。该设备受保护免于手指接触的保护，该设备不受防水保护。
符合IEC60536保护等级II级的设备，双重绝缘保护。
该设备仅适用于标准条件下的室内使用。
ARA
الدعم الفني: يمكن العثور على مزيد من المعلومات والأسئلة الشائعة والأدلة وبرامج التشغيل على صفحة المنتج في علامة التبويب دعم المنتج على www.axagon.eu. لم يساعدك ذلك؟ اكتب إلى دعمنا الفني: support@axagon.cz
في نهاية فترة خدمته، لا تتخلص من المنتج في النفايات المنزلية؛ خذه إلى نقطة تجميع لإعادة تدوير المعدات الكهربائية. للحصول على معلومات حول برامج الجمع وإعادة التدوير في بلدك، اتصل بالسلطات المحلية أو بائع التجزئة الذي باع لك المنتج.
إعلان المطابقة للاتحاد الأوروبي: يتوافق الجهاز مع تشريعات التنسيق للاتحاد الأوروبي 2014/35/EU (LVD) و 2014/30/EU (EMC) و 2011/65/EU (RoHS). يتوفر إعلان المطابقة الكامل لدى الشركة المصنعة.
قبل استخدام المنتج، يلتزم المستخدم بقراءة تعليمات الاستخدام. تخلي الشركة المصنعة مسؤوليتها عن أي أضرار قد تحدث بسبب الاستخدام غير السليم للمنتج أو عدم اتباع التعليمات الواردة هنا. يجب استشارة الشركة المصنعة بشأن أي استخدام آخر للمنتج.
- لا تستخدم المنتج في البيئات الرطبة أو القابلة للانفجار وبالقرب من المواد القابلة للاشتعال.
- لا تقم بتوصيل محول الطاقة وهو مبلل، ولا تقم بتشغيله بأيد مبللة، فهناك خطر حدوث صدمة كهربائية!
- لا تغطي المحول واسمح بوصول الهواء للتبريد الكافي.
- لا تقم بتفكيك المحول أو تعديله أو محاولة إصلاحه!
- إذا كان المحول تالفاً، افصله على الفور ولا تستخدمه مرة أخرى!
- احمِ المحول من درجات الحرارة المرتفعة والأضرار الميكانيكية.
- إذا كنت لا تستخدم المحول، افصله.
- لا تترك المحول دون مراقبة.
IP 20	درجة الحماية 20. الجهاز محمي من التلامس بالإصبع؛ الجهاز غير محمي من دخول الماء.
جهاز من فئة الحماية الثانية وفقاً لمعيار IEC 60536 – جهاز ذو عزل مزدوج.
الجهاز مخصص للاستخدام الداخلي فقط في الظروف القياسية.
www.axagon.eu
